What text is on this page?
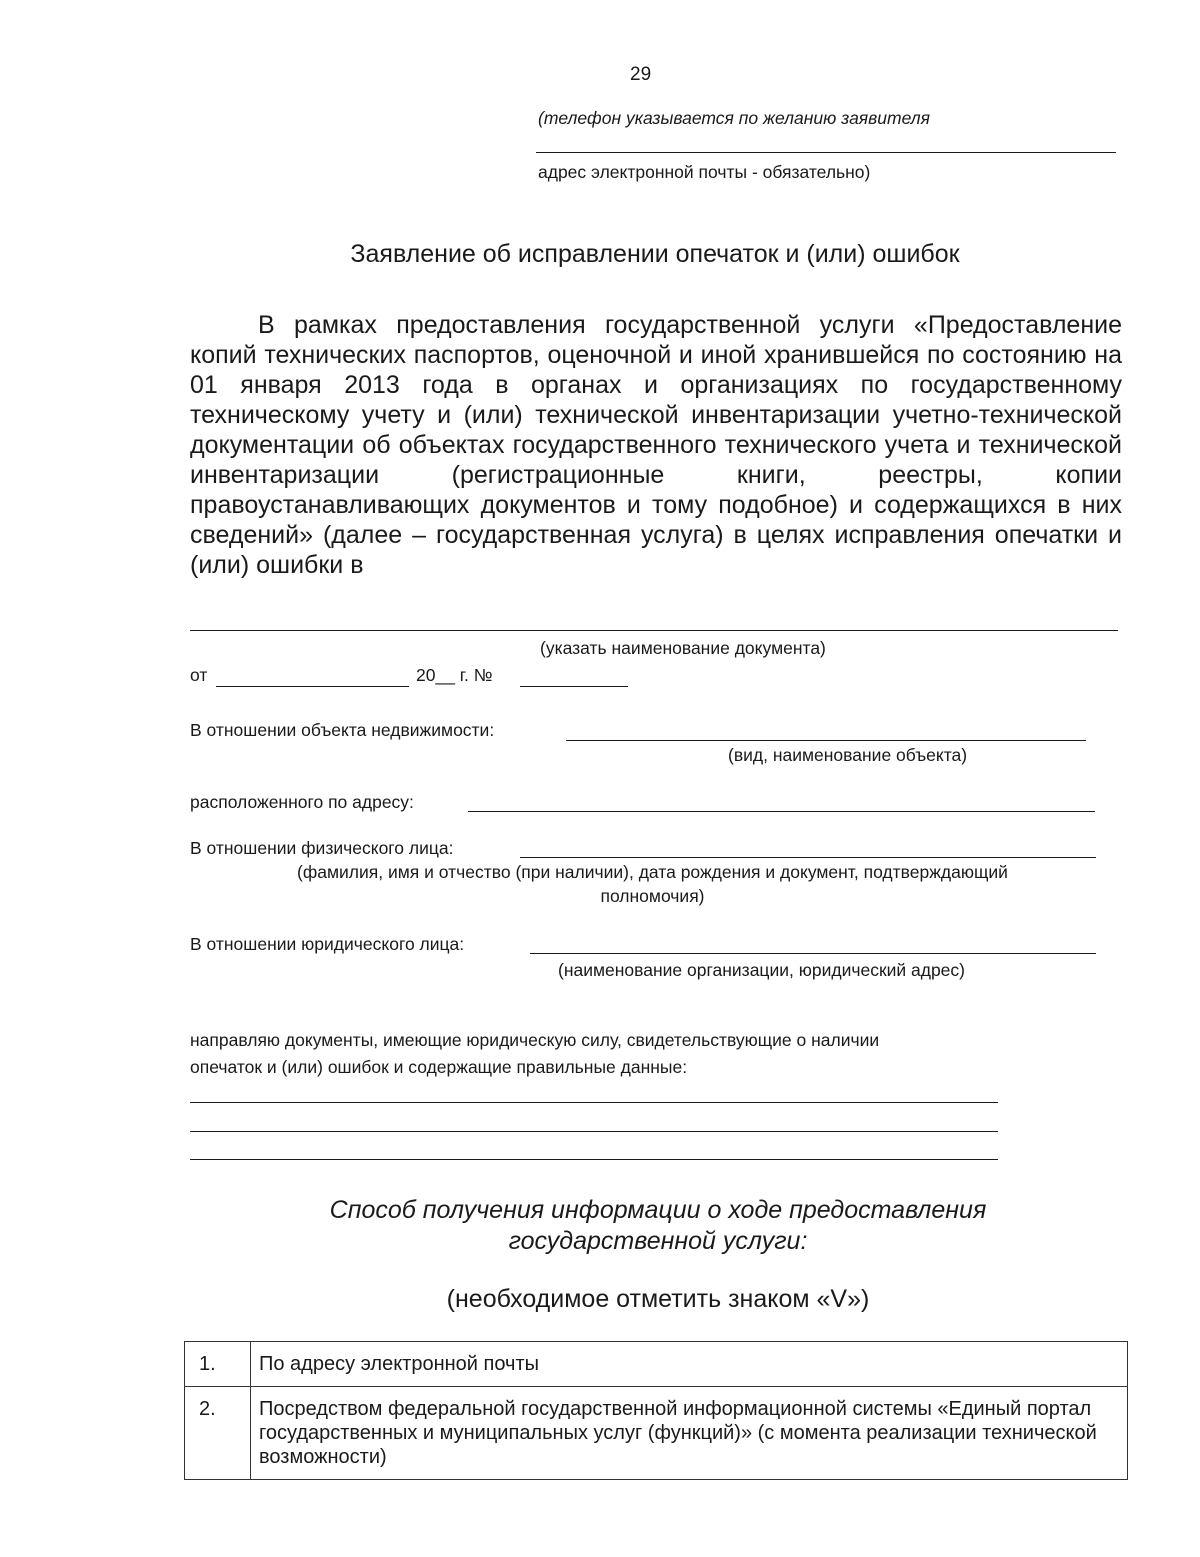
29
(телефон указывается по желанию заявителя
адрес электронной почты - обязательно)
Заявление об исправлении опечаток и (или) ошибок
В рамках предоставления государственной услуги «Предоставление копий технических паспортов, оценочной и иной хранившейся по состоянию на 01 января 2013 года в органах и организациях по государственному техническому учету и (или) технической инвентаризации учетно-технической документации об объектах государственного технического учета и технической инвентаризации (регистрационные книги, реестры, копии правоустанавливающих документов и тому подобное) и содержащихся в них сведений» (далее – государственная услуга) в целях исправления опечатки и (или) ошибки в
(указать наименование документа)
от	20__ г. №
В отношении объекта недвижимости:
(вид, наименование объекта)
расположенного по адресу:
В отношении физического лица:
(фамилия, имя и отчество (при наличии), дата рождения и документ, подтверждающий
полномочия)
В отношении юридического лица:
(наименование организации, юридический адрес)
направляю документы, имеющие юридическую силу, свидетельствующие о наличии
опечаток и (или) ошибок и содержащие правильные данные:
Способ получения информации о ходе предоставления
государственной услуги:
(необходимое отметить знаком «V»)
1.	По адресу электронной почты
2.	Посредством федеральной государственной информационной системы «Единый портал государственных и муниципальных услуг (функций)» (с момента реализации технической возможности)
